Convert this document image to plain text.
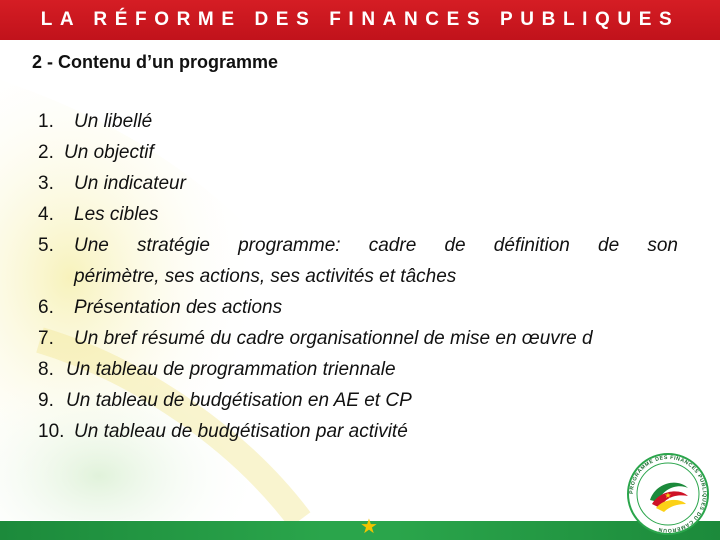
LA RÉFORME DES FINANCES PUBLIQUES
2 - Contenu d’un programme
1. Un libellé
2. Un objectif
3. Un indicateur
4. Les cibles
5. Une stratégie programme: cadre de définition de son
périmètre, ses actions, ses activités et tâches
6. Présentation des actions
7. Un bref résumé du cadre organisationnel de mise en œuvre d
8. Un tableau de programmation triennale
9. Un tableau de budgétisation en AE et CP
10. Un tableau de budgétisation par activité
★
PROGRAMME DES FINANCES PUBLIQUES DU CAMEROUN
★
